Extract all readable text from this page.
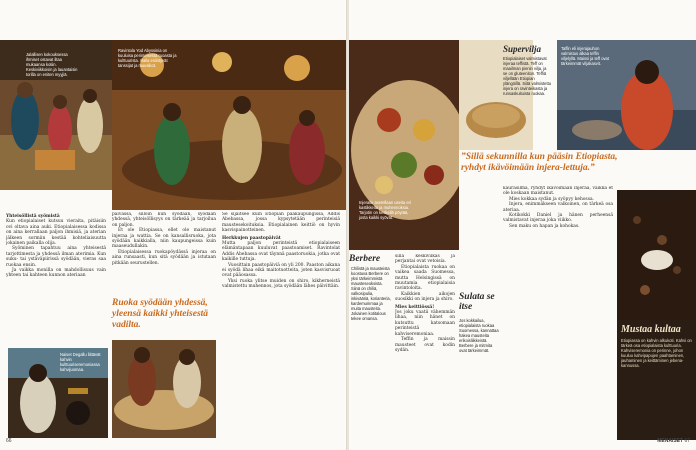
Jalallisen kokouksessa ihmiset ostavat iltaa mukaansa kotiin. Keskiviikkoisin ja lauantaisin torilla on eniten myyjiä.
Ravintola Yod Abyssinia on kuuluisa perinteisestä ruoasta ja kulttuurista. Illalla esiintyvät tanssijat ja muusikot.
Yhteisöllistä syömistä

Kun etiopialaiset kutsuu vieraita, pitäisiin ovi oltava aina auki. Etiopialaisessa kodissa on aina kerrallaan paljon ihmisiä, ja aterian jälkeen sormiin kestää kohteliaisuutta jokainen paikalla olija.

Syöminen tapahtuu aina yhteisestä tarjottimesta ja yhdessä ilman aterimia. Kun suku- tai ystäväpiirissä syödään, vieras saa ruokaa ensin.

Ja vaikka monilla on mahdollisuus vain yhteen tai kahteen kunnon ateriaan

päivässä, silloin kun syödään, syödään yhdessä, yhteisöllisyys on tärkeää ja tarjoilua on paljon.

Et ole Etiopiassa, ellet ole maistanut injeraa ja wattia. Se on kansallisruoka, jota syödään kaikkialla, niin kaupungeissa kuin maaseudullakin.

Etiopialaisessa ruokapöydässä injeraa on aina runsaasti, kun sitä syödään ja istutaan pitkään seurustellen.

Ruoka syödään yhdessä, yleensä kaikki yhteisestä vadilta.
Naiset Degallu liittävät kahvin kulttuuriseremoniassa kahvijuomaa.

Se sijaitsee kuin Etiopian pääkaupungissa, Addis Abebassa, jossa kypsytetään perinteisiä maustesekoituksia. Etiopialainen keittiö on hyvin kasvispainotteinen.

Herkkujen paastopäivät

Mutta paljon perinteistä etiopialaiseen elämäntapaan kuuluvat paastoamiset. Ravintolat Addis Abebassa ovat täynnä paastoruokia, jotka ovat kaikille tuttuja.

Vuosittain paastopäiviä on yli 200. Paaston aikana ei syödä lihaa eikä maitotuotteita, joten kasvisruoat ovat pääosassa.

Yksi ruoka ylitse muiden on shiro, kikherneistä valmistettu muhennos, jota syödään lähes päivittäin.

66
Injeralle asetellaan useita eri kastikkeita ja muhennoksia. Tarjotin on keskellä pöytää, josta kaikki syövät.
Supervilja
Etiopialaiset valmistavat injeraa teffistä. Teff on maailman pienin vilja, ja se on gluteeniton. Teffiä viljellään Etiopian ylängöillä. Siitä valmistettu injera on ravinteikasta ja runsaskuituista ruokaa.
Taffin eli injerajauhon valmistus alkaa teffin viljelyllä. Maissi ja teff ovat tärkeimmät viljakasvit.
”Sillä sekunnilla kun pääsin Etiopiasta, ryhdyt ikävöimään injera-lettuja.”
Berbere
Chilistä ja mausteista koostuva Berbere on yksi tärkeimmistä mausteseoksista. Siinä on chiliä, valkosipulia, inkivääriä, korianteria, kardemummaa ja muita mausteita. Jokainen kotitalous tekee omansa.

sillä keskivilkas ja perjantai ovat vetoisia.

Etiopialaista ruokaa on vaikea saada Suomessa, mutta Helsingissä on muutamia etiopialaisia ravintoloita.

Kaikkien aikojen suosikki on injera ja shiro.

Mies keittiössä!

Jos joku vaatii vähemmän lihaa, niin hänet on kutsuttu katsomaan perinteistä kahviseremoniaa.

Teffin ja maissin mausteet ovat kodin sydän.

Sulata se itse
Jos kokkailua, etiopialaista ruokaa Suomessa, kannattaa hakea mausteita erikoisliikkeistä. Berbere ja mitmita ovat tärkeimmät.

kaurasilmä, ryhdyt ikävöimään injeraa, vaikka et ole koskaan maistanut.

Mies kokkaa sydän ja syöpyy kehossa.

Injera, enimmäkseen valkoinen, on tärkeä osa ateriaa.

Kotikokki Daniel ja hänen perheensä valmistavat injeraa joka viikko.

Sen maku on hapan ja kohokas.

Gennet Awalomin kahviseremoniassa kahvi paahdetaan aina tuoreena.
Mustaa kultaa
Etiopiassa on kahvin alkukoti. Kahvi on tärkeä osa etiopialaista kulttuuria. Kahviseremonia on perinne, johon kuuluu kahvipapujen paahtaminen, jauhaminen ja keittäminen jebena-kannussa.
MENAISET 67
